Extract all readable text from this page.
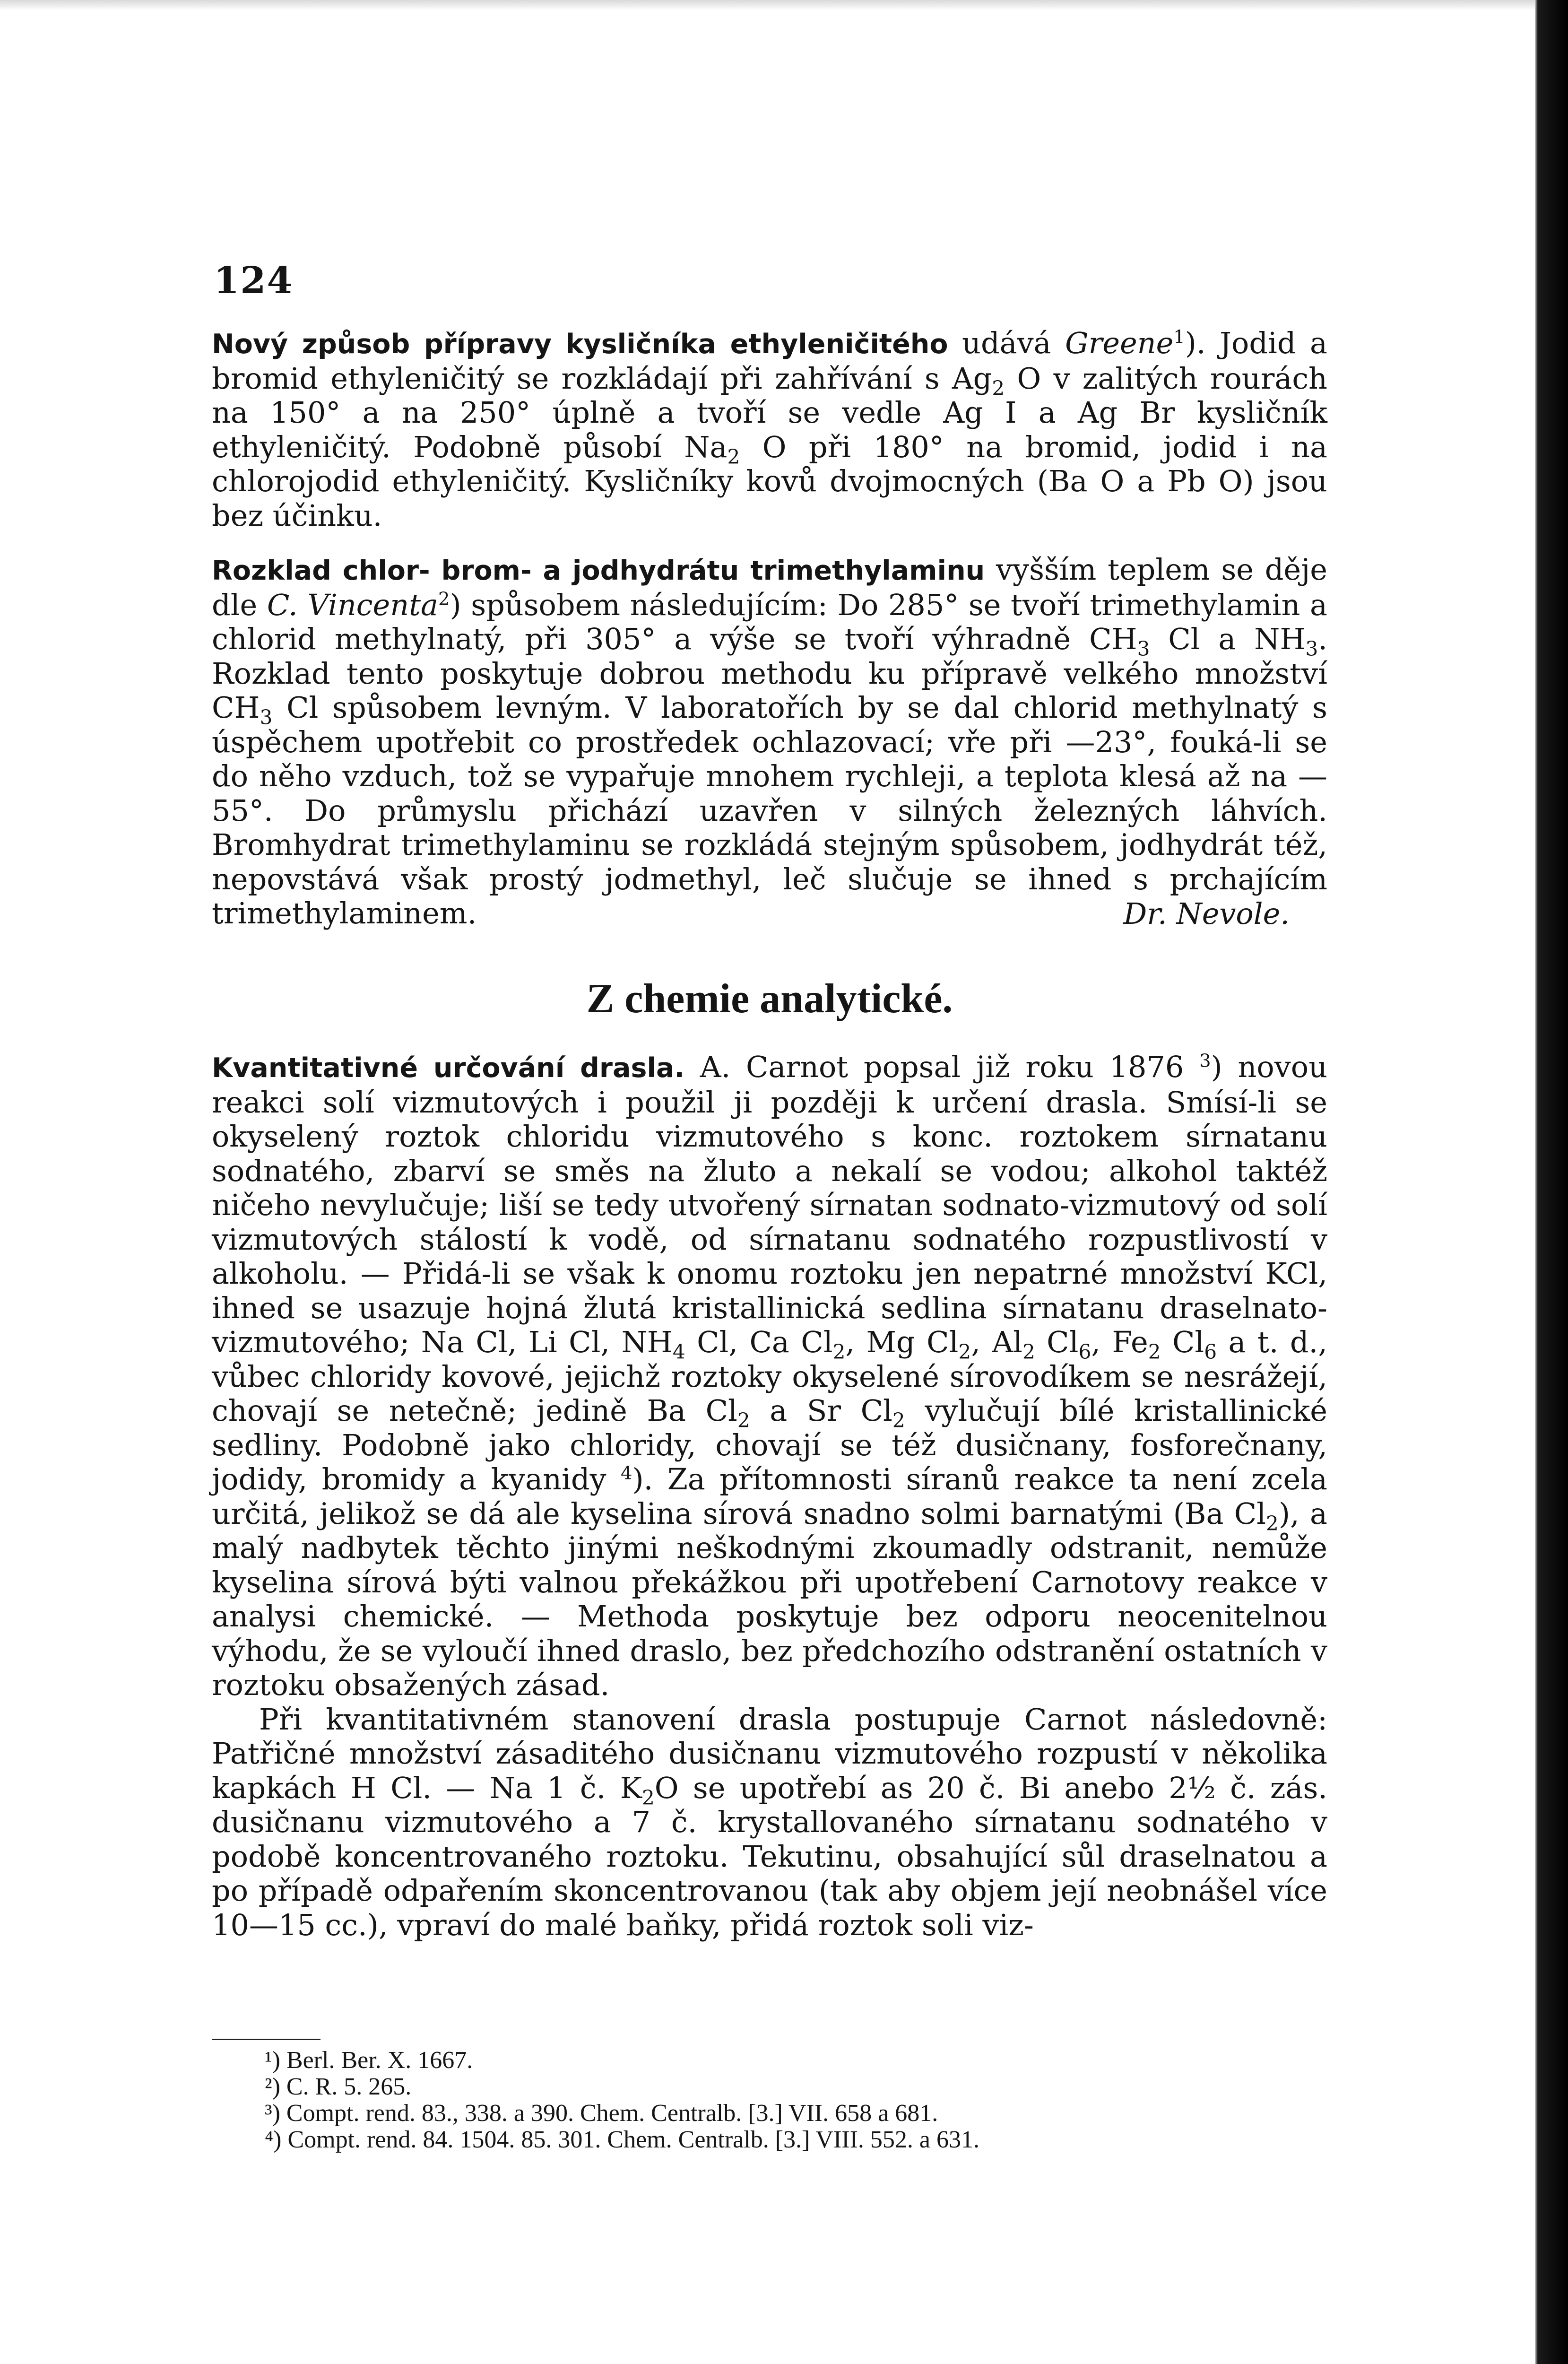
124

Nový způsob přípravy kysličníka ethyleničitého udává Greene$^1$). Jodid a bromid ethyleničitý se rozkládají při zahřívání s $Ag_2$ O v zalitých rourách na 150° a na 250° úplně a tvoří se vedle Ag I a Ag Br kysličník ethyleničitý. Podobně působí $Na_2$ O při 180° na bromid, jodid i na chlorojodid ethyleničitý. Kysličníky kovů dvojmocných (Ba O a Pb O) jsou bez účinku.

Rozklad chlor- brom- a jodhydrátu trimethylaminu vyšším teplem se děje dle C. Vincenta$^2$) spůsobem následujícím: Do 285° se tvoří trimethylamin a chlorid methylnatý, při 305° a výše se tvoří výhradně $CH_3$ Cl a $NH_3$. Rozklad tento poskytuje dobrou methodu ku přípravě velkého množství $CH_3$ Cl spůsobem levným. V laboratořích by se dal chlorid methylnatý s úspěchem upotřebit co prostředek ochlazovací; vře při —23°, fouká-li se do něho vzduch, tož se vypařuje mnohem rychleji, a teplota klesá až na —55°. Do průmyslu přichází uzavřen v silných železných láhvích. Bromhydrat trimethylaminu se rozkládá stejným spůsobem, jodhydrát též, nepovstává však prostý jodmethyl, leč slučuje se ihned s prchajícím trimethylaminem.	Dr. Nevole.

Z chemie analytické.

Kvantitativné určování drasla. A. Carnot popsal již roku 1876 $^3$) novou reakci solí vizmutových i použil ji později k určení drasla. Smísí-li se okyselený roztok chloridu vizmutového s konc. roztokem sírnatanu sodnatého, zbarví se směs na žluto a nekalí se vodou; alkohol taktéž ničeho nevylučuje; liší se tedy utvořený sírnatan sodnato-vizmutový od solí vizmutových stálostí k vodě, od sírnatanu sodnatého rozpustlivostí v alkoholu. — Přidá-li se však k onomu roztoku jen nepatrné množství KCl, ihned se usazuje hojná žlutá kristallinická sedlina sírnatanu draselnato-vizmutového; Na Cl, Li Cl, $NH_4$ Cl, Ca $Cl_2$, Mg $Cl_2$, $Al_2$ $Cl_6$, $Fe_2$ $Cl_6$ a t. d., vůbec chloridy kovové, jejichž roztoky okyselené sírovodíkem se nesrážejí, chovají se netečně; jedině Ba $Cl_2$ a Sr $Cl_2$ vylučují bílé kristallinické sedliny. Podobně jako chloridy, chovají se též dusičnany, fosforečnany, jodidy, bromidy a kyanidy $^4$). Za přítomnosti síranů reakce ta není zcela určitá, jelikož se dá ale kyselina sírová snadno solmi barnatými (Ba $Cl_2$), a malý nadbytek těchto jinými neškodnými zkoumadly odstranit, nemůže kyselina sírová býti valnou překážkou při upotřebení Carnotovy reakce v analysi chemické. — Methoda poskytuje bez odporu neocenitelnou výhodu, že se vyloučí ihned draslo, bez předchozího odstranění ostatních v roztoku obsažených zásad.

Při kvantitativném stanovení drasla postupuje Carnot následovně: Patřičné množství zásaditého dusičnanu vizmutového rozpustí v několika kapkách H Cl. — Na 1 č. $K_2O$ se upotřebí as 20 č. Bi anebo 2½ č. zás. dusičnanu vizmutového a 7 č. krystallovaného sírnatanu sodnatého v podobě koncentrovaného roztoku. Tekutinu, obsahující sůl draselnatou a po případě odpařením skoncentrovanou (tak aby objem její neobnášel více 10—15 cc.), vpraví do malé baňky, přidá roztok soli viz-

¹) Berl. Ber. X. 1667.
²) C. R. 5. 265.
³) Compt. rend. 83., 338. a 390. Chem. Centralb. [3.] VII. 658 a 681.
⁴) Compt. rend. 84. 1504. 85. 301. Chem. Centralb. [3.] VIII. 552. a 631.
